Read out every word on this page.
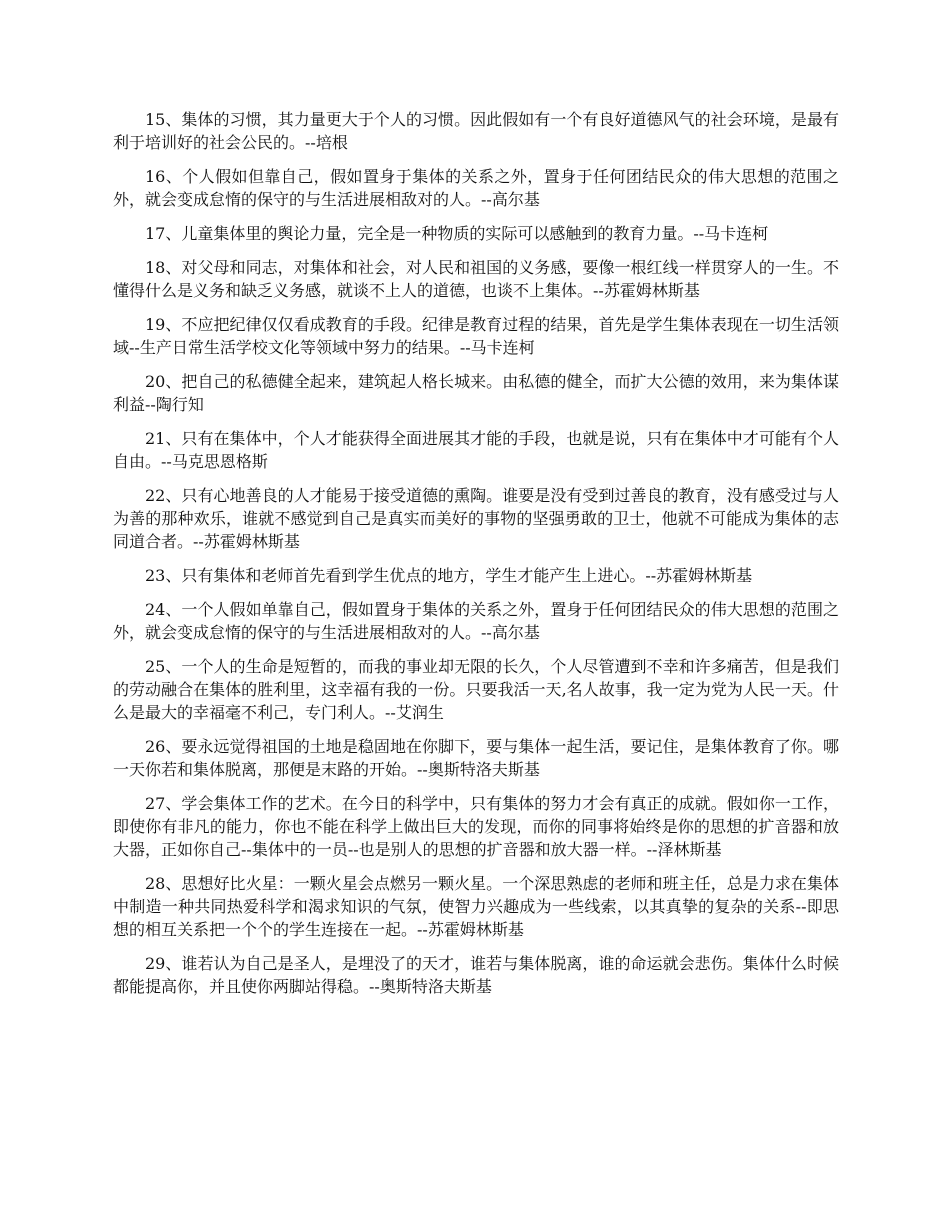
15、集体的习惯，其力量更大于个人的习惯。因此假如有一个有良好道德风气的社会环境，是最有利于培训好的社会公民的。--培根

16、个人假如但靠自己，假如置身于集体的关系之外，置身于任何团结民众的伟大思想的范围之外，就会变成怠惰的保守的与生活进展相敌对的人。--高尔基

17、儿童集体里的舆论力量，完全是一种物质的实际可以感触到的教育力量。--马卡连柯

18、对父母和同志，对集体和社会，对人民和祖国的义务感，要像一根红线一样贯穿人的一生。不懂得什么是义务和缺乏义务感，就谈不上人的道德，也谈不上集体。--苏霍姆林斯基

19、不应把纪律仅仅看成教育的手段。纪律是教育过程的结果，首先是学生集体表现在一切生活领域--生产日常生活学校文化等领域中努力的结果。--马卡连柯

20、把自己的私德健全起来，建筑起人格长城来。由私德的健全，而扩大公德的效用，来为集体谋利益--陶行知

21、只有在集体中，个人才能获得全面进展其才能的手段，也就是说，只有在集体中才可能有个人自由。--马克思恩格斯

22、只有心地善良的人才能易于接受道德的熏陶。谁要是没有受到过善良的教育，没有感受过与人为善的那种欢乐，谁就不感觉到自己是真实而美好的事物的坚强勇敢的卫士，他就不可能成为集体的志同道合者。--苏霍姆林斯基

23、只有集体和老师首先看到学生优点的地方，学生才能产生上进心。--苏霍姆林斯基

24、一个人假如单靠自己，假如置身于集体的关系之外，置身于任何团结民众的伟大思想的范围之外，就会变成怠惰的保守的与生活进展相敌对的人。--高尔基

25、一个人的生命是短暂的，而我的事业却无限的长久，个人尽管遭到不幸和许多痛苦，但是我们的劳动融合在集体的胜利里，这幸福有我的一份。只要我活一天,名人故事，我一定为党为人民一天。什么是最大的幸福毫不利己，专门利人。--艾润生

26、要永远觉得祖国的土地是稳固地在你脚下，要与集体一起生活，要记住，是集体教育了你。哪一天你若和集体脱离，那便是末路的开始。--奥斯特洛夫斯基

27、学会集体工作的艺术。在今日的科学中，只有集体的努力才会有真正的成就。假如你一工作，即使你有非凡的能力，你也不能在科学上做出巨大的发现，而你的同事将始终是你的思想的扩音器和放大器，正如你自己--集体中的一员--也是别人的思想的扩音器和放大器一样。--泽林斯基

28、思想好比火星：一颗火星会点燃另一颗火星。一个深思熟虑的老师和班主任，总是力求在集体中制造一种共同热爱科学和渴求知识的气氛，使智力兴趣成为一些线索，以其真挚的复杂的关系--即思想的相互关系把一个个的学生连接在一起。--苏霍姆林斯基

29、谁若认为自己是圣人，是埋没了的天才，谁若与集体脱离，谁的命运就会悲伤。集体什么时候都能提高你，并且使你两脚站得稳。--奥斯特洛夫斯基
